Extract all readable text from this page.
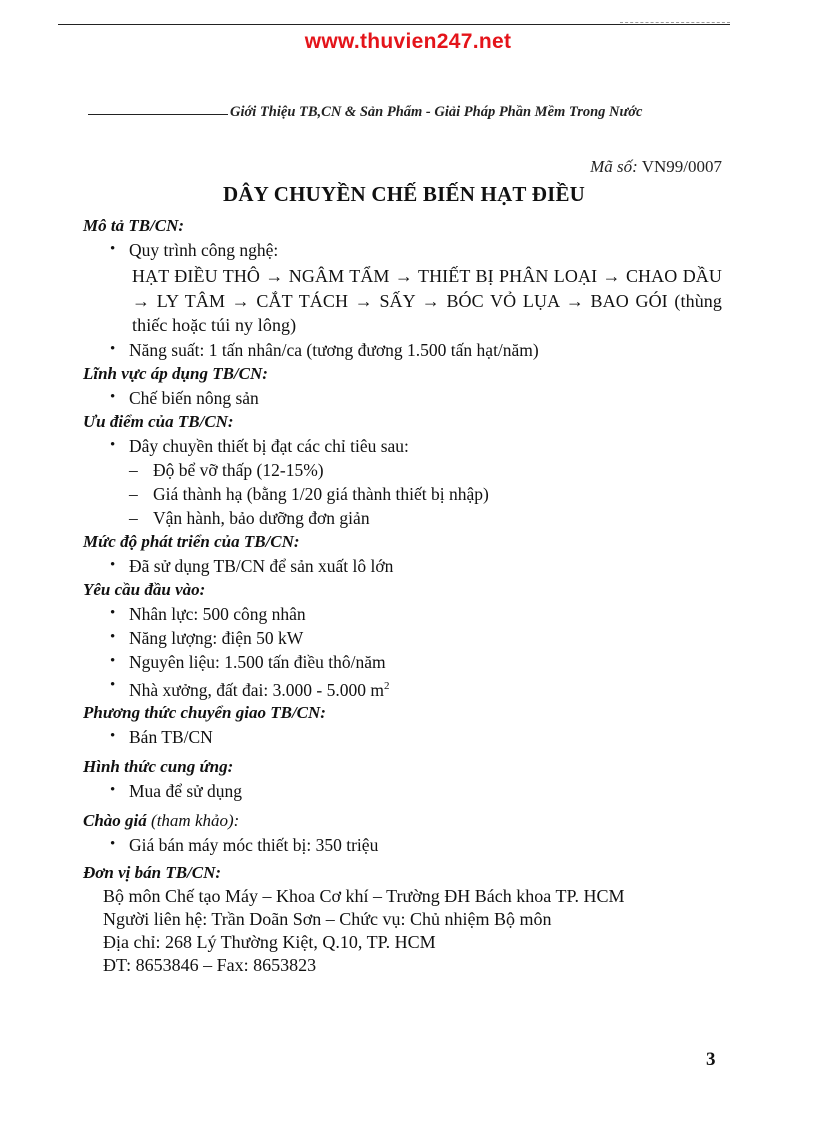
www.thuvien247.net
Giới Thiệu TB,CN & Sản Phẩm - Giải Pháp Phần Mềm Trong Nước
Mã số: VN99/0007
DÂY CHUYỀN CHẾ BIẾN HẠT ĐIỀU

Mô tả TB/CN:

• Quy trình công nghệ:

HẠT ĐIỀU THÔ → NGÂM TẨM → THIẾT BỊ PHÂN LOẠI → CHAO DẦU → LY TÂM → CẮT TÁCH → SẤY → BÓC VỎ LỤA → BAO GÓI (thùng thiếc hoặc túi ny lông)

• Năng suất: 1 tấn nhân/ca (tương đương 1.500 tấn hạt/năm)

Lĩnh vực áp dụng TB/CN:

• Chế biến nông sản

Ưu điểm của TB/CN:

• Dây chuyền thiết bị đạt các chỉ tiêu sau:

– Độ bể vỡ thấp (12-15%)

– Giá thành hạ (bằng 1/20 giá thành thiết bị nhập)

– Vận hành, bảo dưỡng đơn giản

Mức độ phát triển của TB/CN:

• Đã sử dụng TB/CN để sản xuất lô lớn

Yêu cầu đầu vào:

• Nhân lực: 500 công nhân

• Năng lượng: điện 50 kW

• Nguyên liệu: 1.500 tấn điều thô/năm

• Nhà xưởng, đất đai: 3.000 - 5.000 $m^2$

Phương thức chuyển giao TB/CN:

• Bán TB/CN

Hình thức cung ứng:

• Mua để sử dụng

Chào giá (tham khảo):

• Giá bán máy móc thiết bị: 350 triệu

Đơn vị bán TB/CN:

Bộ môn Chế tạo Máy – Khoa Cơ khí – Trường ĐH Bách khoa TP. HCM

Người liên hệ: Trần Doãn Sơn – Chức vụ: Chủ nhiệm Bộ môn

Địa chỉ: 268 Lý Thường Kiệt, Q.10, TP. HCM

ĐT: 8653846 – Fax: 8653823

3
